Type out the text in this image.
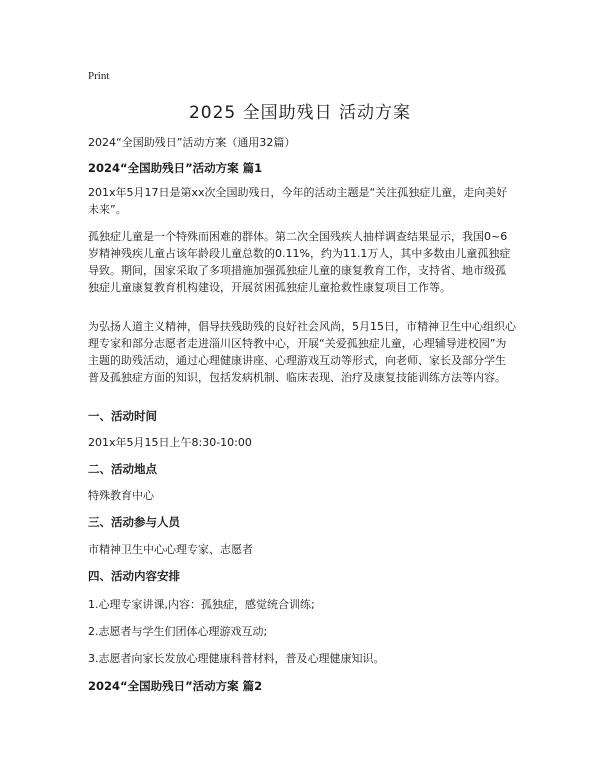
Print
2025 全国助残日 活动方案
2024“全国助残日”活动方案（通用32篇）
2024“全国助残日”活动方案 篇1
201x年5月17日是第xx次全国助残日，今年的活动主题是“关注孤独症儿童，走向美好未来”。
孤独症儿童是一个特殊而困难的群体。第二次全国残疾人抽样调查结果显示，我国0~6岁精神残疾儿童占该年龄段儿童总数的0.11%，约为11.1万人，其中多数由儿童孤独症导致。期间，国家采取了多项措施加强孤独症儿童的康复教育工作，支持省、地市级孤独症儿童康复教育机构建设，开展贫困孤独症儿童抢救性康复项目工作等。
为弘扬人道主义精神，倡导扶残助残的良好社会风尚，5月15日，市精神卫生中心组织心理专家和部分志愿者走进淄川区特教中心，开展“关爱孤独症儿童，心理辅导进校园”为主题的助残活动，通过心理健康讲座、心理游戏互动等形式，向老师、家长及部分学生普及孤独症方面的知识，包括发病机制、临床表现、治疗及康复技能训练方法等内容。
一、活动时间
201x年5月15日上午8:30-10:00
二、活动地点
特殊教育中心
三、活动参与人员
市精神卫生中心心理专家、志愿者
四、活动内容安排
1.心理专家讲课,内容：孤独症，感觉统合训练;
2.志愿者与学生们团体心理游戏互动;
3.志愿者向家长发放心理健康科普材料，普及心理健康知识。
2024“全国助残日”活动方案 篇2
